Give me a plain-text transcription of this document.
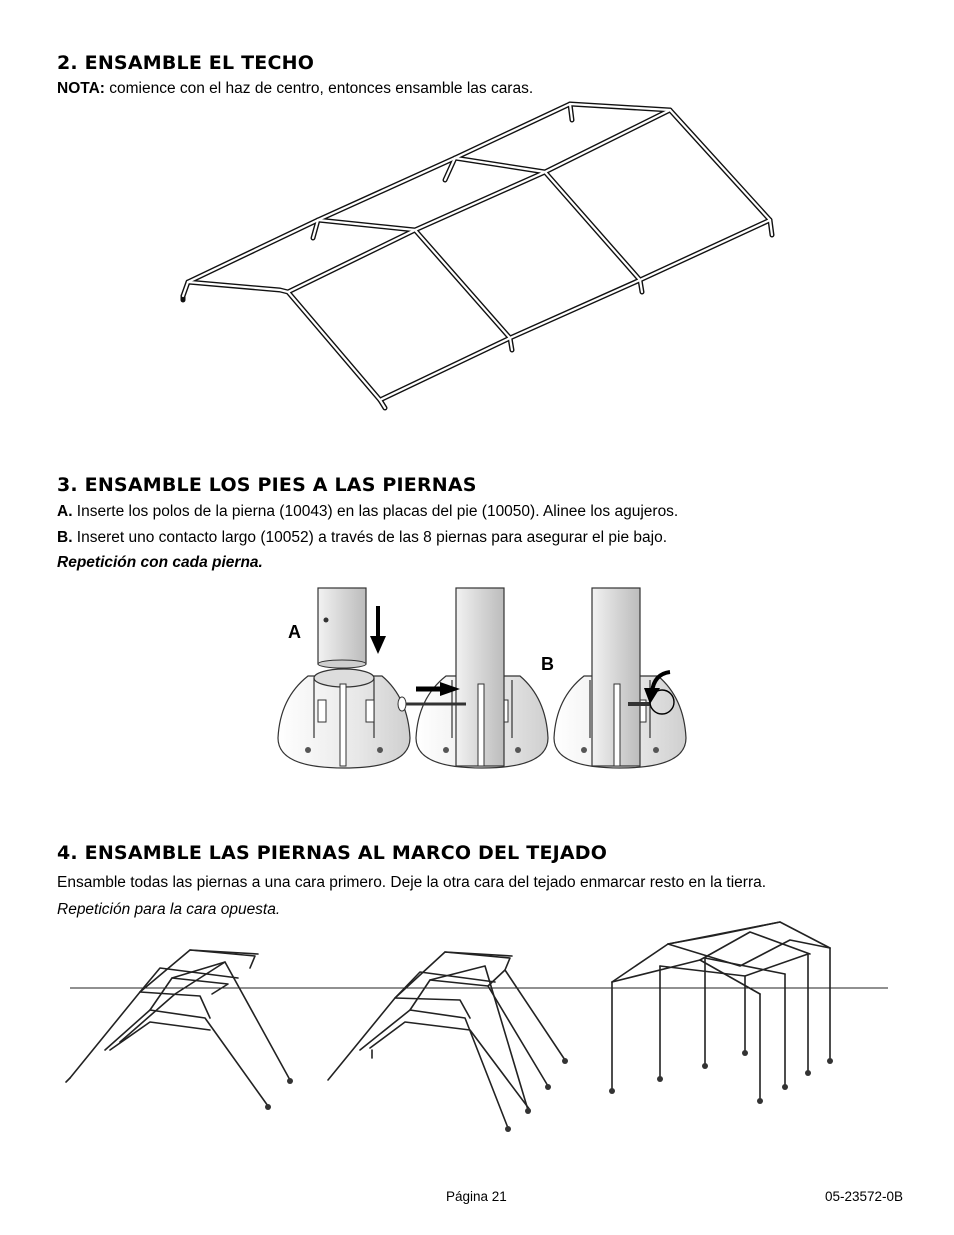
2. ENSAMBLE EL TECHO
NOTA: comience con el haz de centro, entonces ensamble las caras.
3. ENSAMBLE LOS PIES A LAS PIERNAS
A. Inserte los polos de la pierna (10043) en las placas del pie (10050). Alinee los agujeros.
B. Inseret uno contacto largo (10052) a través de las 8 piernas para asegurar el pie bajo.
Repetición con cada pierna.
A
B
4. ENSAMBLE LAS PIERNAS AL MARCO DEL TEJADO
Ensamble todas las piernas a una cara primero. Deje la otra cara del tejado enmarcar resto en la tierra.
Repetición para la cara opuesta.
Página 21	05-23572-0B
